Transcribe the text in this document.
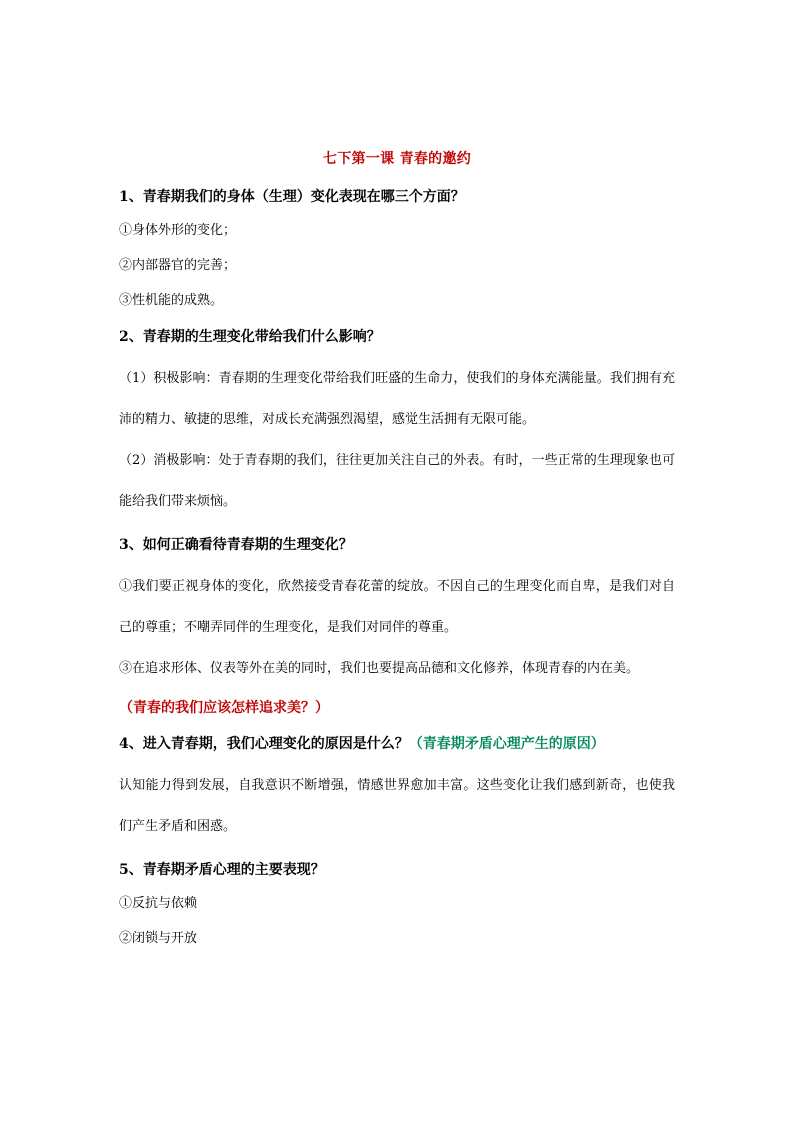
七下第一课 青春的邀约
1、青春期我们的身体（生理）变化表现在哪三个方面？

①身体外形的变化；

②内部器官的完善；

③性机能的成熟。

2、青春期的生理变化带给我们什么影响？

（1）积极影响：青春期的生理变化带给我们旺盛的生命力，使我们的身体充满能量。我们拥有充沛的精力、敏捷的思维，对成长充满强烈渴望，感觉生活拥有无限可能。

（2）消极影响：处于青春期的我们，往往更加关注自己的外表。有时，一些正常的生理现象也可能给我们带来烦恼。

3、如何正确看待青春期的生理变化？

①我们要正视身体的变化，欣然接受青春花蕾的绽放。不因自己的生理变化而自卑，是我们对自己的尊重；不嘲弄同伴的生理变化，是我们对同伴的尊重。

③在追求形体、仪表等外在美的同时，我们也要提高品德和文化修养，体现青春的内在美。

（青春的我们应该怎样追求美？）
4、进入青春期，我们心理变化的原因是什么？（青春期矛盾心理产生的原因）

认知能力得到发展，自我意识不断增强，情感世界愈加丰富。这些变化让我们感到新奇，也使我们产生矛盾和困惑。

5、青春期矛盾心理的主要表现？

①反抗与依赖

②闭锁与开放
